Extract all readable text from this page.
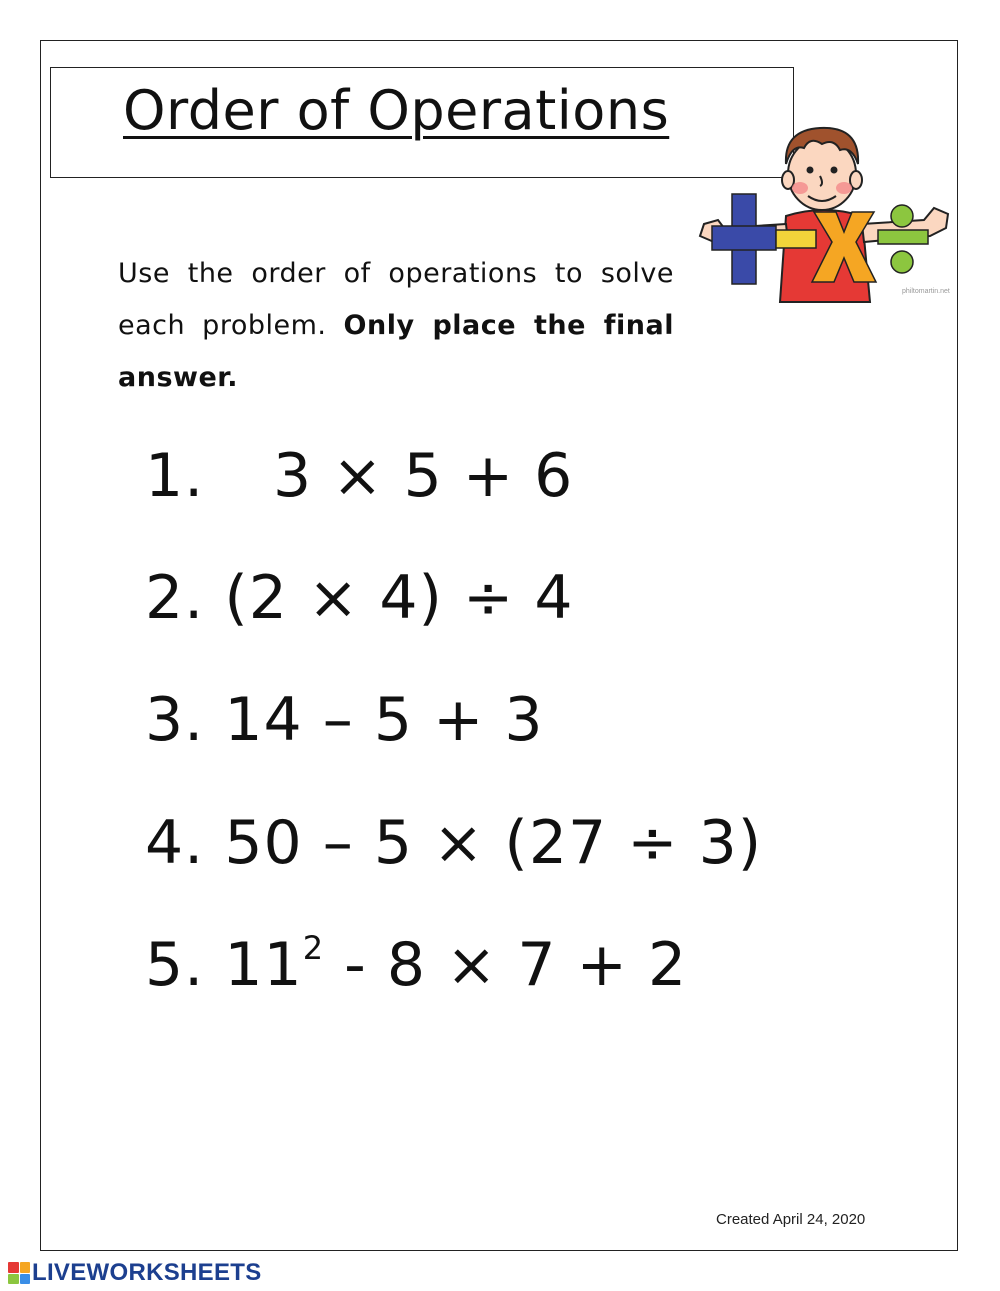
Order of Operations
philtomartin.net
Use the order of operations to solve each problem. Only place the final answer.
1. 3 × 5 + 6
2. (2 × 4) ÷ 4
3. 14 – 5 + 3
4. 50 – 5 × (27 ÷ 3)
5. $11^2 - 8 \times 7 + 2$
Created April 24, 2020
LIVEWORKSHEETS
